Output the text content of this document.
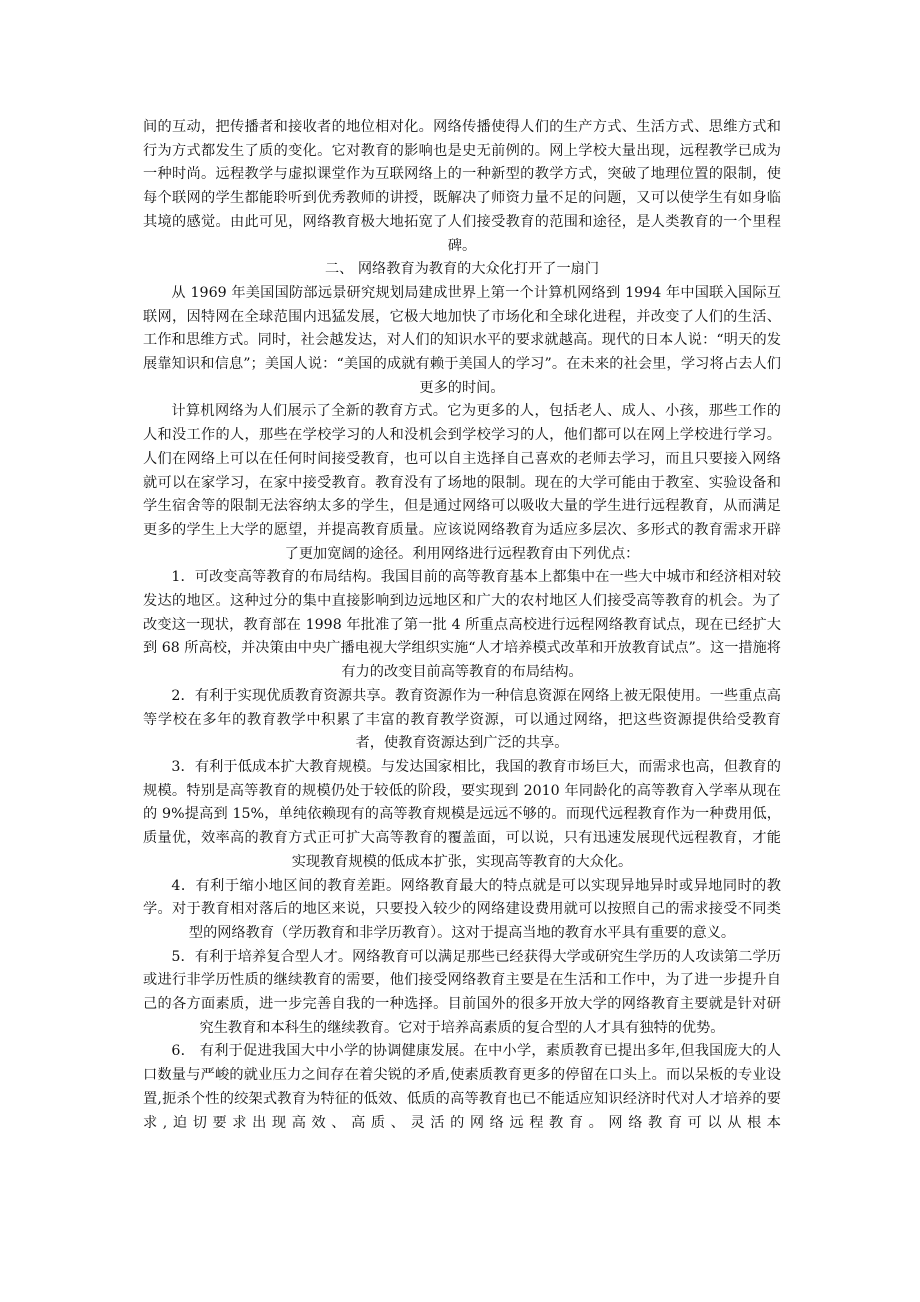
间的互动，把传播者和接收者的地位相对化。网络传播使得人们的生产方式、生活方式、思维方式和行为方式都发生了质的变化。它对教育的影响也是史无前例的。网上学校大量出现，远程教学已成为一种时尚。远程教学与虚拟课堂作为互联网络上的一种新型的教学方式，突破了地理位置的限制，使每个联网的学生都能聆听到优秀教师的讲授，既解决了师资力量不足的问题，又可以使学生有如身临其境的感觉。由此可见，网络教育极大地拓宽了人们接受教育的范围和途径，是人类教育的一个里程碑。

二、 网络教育为教育的大众化打开了一扇门

从 1969 年美国国防部远景研究规划局建成世界上第一个计算机网络到 1994 年中国联入国际互联网，因特网在全球范围内迅猛发展，它极大地加快了市场化和全球化进程，并改变了人们的生活、工作和思维方式。同时，社会越发达，对人们的知识水平的要求就越高。现代的日本人说：“明天的发展靠知识和信息”；美国人说：“美国的成就有赖于美国人的学习”。在未来的社会里，学习将占去人们更多的时间。

计算机网络为人们展示了全新的教育方式。它为更多的人，包括老人、成人、小孩，那些工作的人和没工作的人，那些在学校学习的人和没机会到学校学习的人，他们都可以在网上学校进行学习。人们在网络上可以在任何时间接受教育，也可以自主选择自己喜欢的老师去学习，而且只要接入网络就可以在家学习，在家中接受教育。教育没有了场地的限制。现在的大学可能由于教室、实验设备和学生宿舍等的限制无法容纳太多的学生，但是通过网络可以吸收大量的学生进行远程教育，从而满足更多的学生上大学的愿望，并提高教育质量。应该说网络教育为适应多层次、多形式的教育需求开辟了更加宽阔的途径。利用网络进行远程教育由下列优点：

1．可改变高等教育的布局结构。我国目前的高等教育基本上都集中在一些大中城市和经济相对较发达的地区。这种过分的集中直接影响到边远地区和广大的农村地区人们接受高等教育的机会。为了改变这一现状，教育部在 1998 年批准了第一批 4 所重点高校进行远程网络教育试点，现在已经扩大到 68 所高校，并决策由中央广播电视大学组织实施“人才培养模式改革和开放教育试点”。这一措施将有力的改变目前高等教育的布局结构。

2．有利于实现优质教育资源共享。教育资源作为一种信息资源在网络上被无限使用。一些重点高等学校在多年的教育教学中积累了丰富的教育教学资源，可以通过网络，把这些资源提供给受教育者，使教育资源达到广泛的共享。

3．有利于低成本扩大教育规模。与发达国家相比，我国的教育市场巨大，而需求也高，但教育的规模。特别是高等教育的规模仍处于较低的阶段，要实现到 2010 年同龄化的高等教育入学率从现在的 9%提高到 15%，单纯依赖现有的高等教育规模是远远不够的。而现代远程教育作为一种费用低，质量优，效率高的教育方式正可扩大高等教育的覆盖面，可以说，只有迅速发展现代远程教育，才能实现教育规模的低成本扩张，实现高等教育的大众化。

4．有利于缩小地区间的教育差距。网络教育最大的特点就是可以实现异地异时或异地同时的教学。对于教育相对落后的地区来说，只要投入较少的网络建设费用就可以按照自己的需求接受不同类型的网络教育（学历教育和非学历教育）。这对于提高当地的教育水平具有重要的意义。

5．有利于培养复合型人才。网络教育可以满足那些已经获得大学或研究生学历的人攻读第二学历或进行非学历性质的继续教育的需要，他们接受网络教育主要是在生活和工作中，为了进一步提升自己的各方面素质，进一步完善自我的一种选择。目前国外的很多开放大学的网络教育主要就是针对研究生教育和本科生的继续教育。它对于培养高素质的复合型的人才具有独特的优势。

6． 有利于促进我国大中小学的协调健康发展。在中小学，素质教育已提出多年,但我国庞大的人口数量与严峻的就业压力之间存在着尖锐的矛盾,使素质教育更多的停留在口头上。而以呆板的专业设置,扼杀个性的绞架式教育为特征的低效、低质的高等教育也已不能适应知识经济时代对人才培养的要求,迫切要求出现高效、高质、灵活的网络远程教育。网络教育可以从根本
